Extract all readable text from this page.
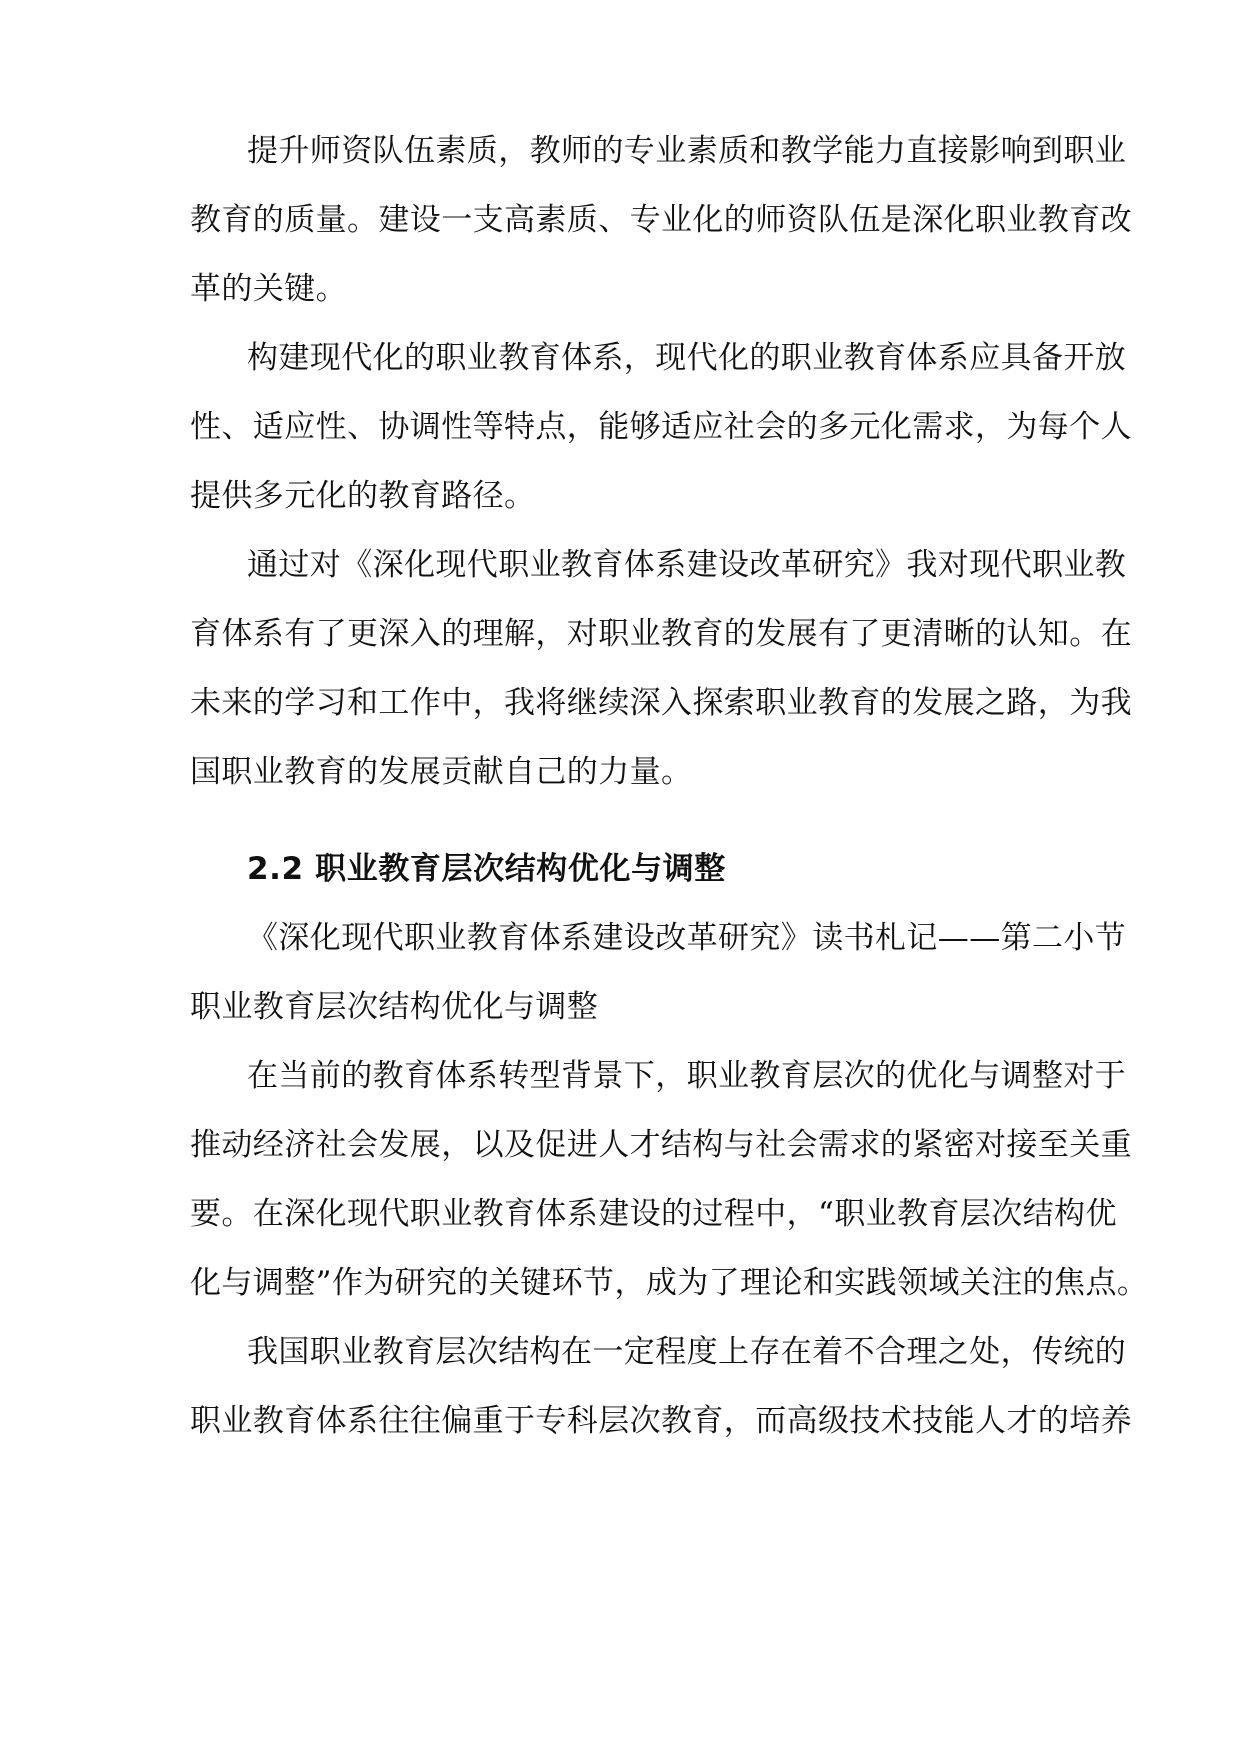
提升师资队伍素质，教师的专业素质和教学能力直接影响到职业
教育的质量。建设一支高素质、专业化的师资队伍是深化职业教育改
革的关键。
构建现代化的职业教育体系，现代化的职业教育体系应具备开放
性、适应性、协调性等特点，能够适应社会的多元化需求，为每个人
提供多元化的教育路径。
通过对《深化现代职业教育体系建设改革研究》我对现代职业教
育体系有了更深入的理解，对职业教育的发展有了更清晰的认知。在
未来的学习和工作中，我将继续深入探索职业教育的发展之路，为我
国职业教育的发展贡献自己的力量。
2.2 职业教育层次结构优化与调整
《深化现代职业教育体系建设改革研究》读书札记——第二小节
职业教育层次结构优化与调整
在当前的教育体系转型背景下，职业教育层次的优化与调整对于
推动经济社会发展，以及促进人才结构与社会需求的紧密对接至关重
要。在深化现代职业教育体系建设的过程中，“职业教育层次结构优
化与调整”作为研究的关键环节，成为了理论和实践领域关注的焦点。
我国职业教育层次结构在一定程度上存在着不合理之处，传统的
职业教育体系往往偏重于专科层次教育，而高级技术技能人才的培养
